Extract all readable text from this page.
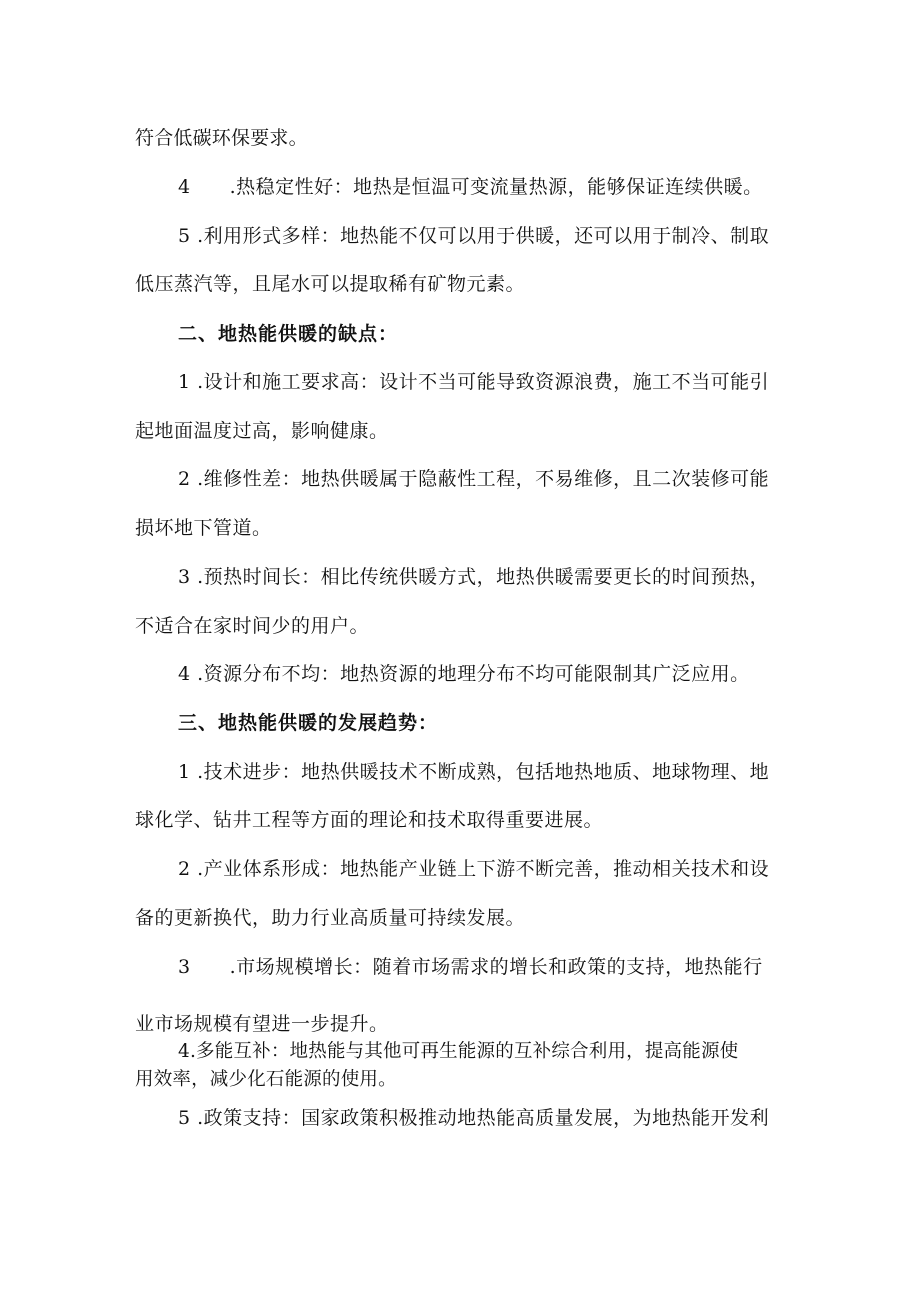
符合低碳环保要求。
4　　.热稳定性好：地热是恒温可变流量热源，能够保证连续供暖。
5 .利用形式多样：地热能不仅可以用于供暖，还可以用于制冷、制取
低压蒸汽等，且尾水可以提取稀有矿物元素。
二、地热能供暖的缺点：
1 .设计和施工要求高：设计不当可能导致资源浪费，施工不当可能引
起地面温度过高，影响健康。
2 .维修性差：地热供暖属于隐蔽性工程，不易维修，且二次装修可能
损坏地下管道。
3 .预热时间长：相比传统供暖方式，地热供暖需要更长的时间预热，
不适合在家时间少的用户。
4 .资源分布不均：地热资源的地理分布不均可能限制其广泛应用。
三、地热能供暖的发展趋势：
1 .技术进步：地热供暖技术不断成熟，包括地热地质、地球物理、地
球化学、钻井工程等方面的理论和技术取得重要进展。
2 .产业体系形成：地热能产业链上下游不断完善，推动相关技术和设
备的更新换代，助力行业高质量可持续发展。
3　　.市场规模增长：随着市场需求的增长和政策的支持，地热能行
业市场规模有望进一步提升。
4.多能互补：地热能与其他可再生能源的互补综合利用，提高能源使
用效率，减少化石能源的使用。
5 .政策支持：国家政策积极推动地热能高质量发展，为地热能开发利
